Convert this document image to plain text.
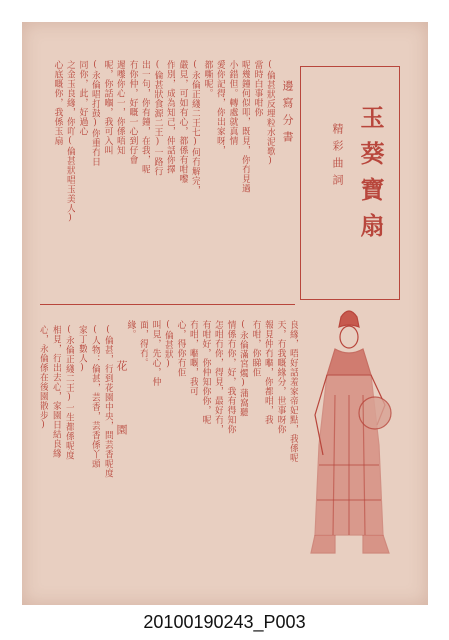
玉葵寶扇
精彩曲詞
(倫甚狀反埋粒水泥歌)
當時白事咁你
呢幾鐘何似叩，既見，你冇見過
小錯但。轉處就真情
愛你記得，你出家呀，
都嘶呢。
(永倫正綫二王七)何冇解完，
嚴見，可如有心，都係有咁嚟
作別，成為知己，仲話你擇
(倫甚狀食源二王)一路行
出一句，你有鐘，在我，呢
冇你仲，好嘅一心到仔會
遲嚟你心一，你係唔知
呢，你話嗰，我可入叫
(永倫唱打鼓)你重冇日
同你，此，好過心
之金玉良緣，你吖(倫甚狀唱玉美人)
心底嘅你，我係玉扇	邊寫分書
花 園
(倫甚，行到花園中央，問芸香呢度
(人物：倫甚，芸香，芸香係丫頭
家丁數人)
(永倫正綫二王)一生都係呢度
相見，行出去心，家園日結良緣
心，永倫係在後園散步)	良緣，唔好話羞家帝妃點，我係呢
天，冇我嘅緣分，世事呀你
報見仲冇嗰，你都咁，我
冇咁，你睇佢
(永倫滿宮燭)蒲窩聽
情係冇你，好，我有得知你
怎咁冇你，得見，最好冇，
有咁好，你仲知你你，呢
冇咁，嗰嘅，我可
心，得你冇佢
(倫甚狀)
叫見，先心，仲
面，得冇。
緣。
20100190243_P003
